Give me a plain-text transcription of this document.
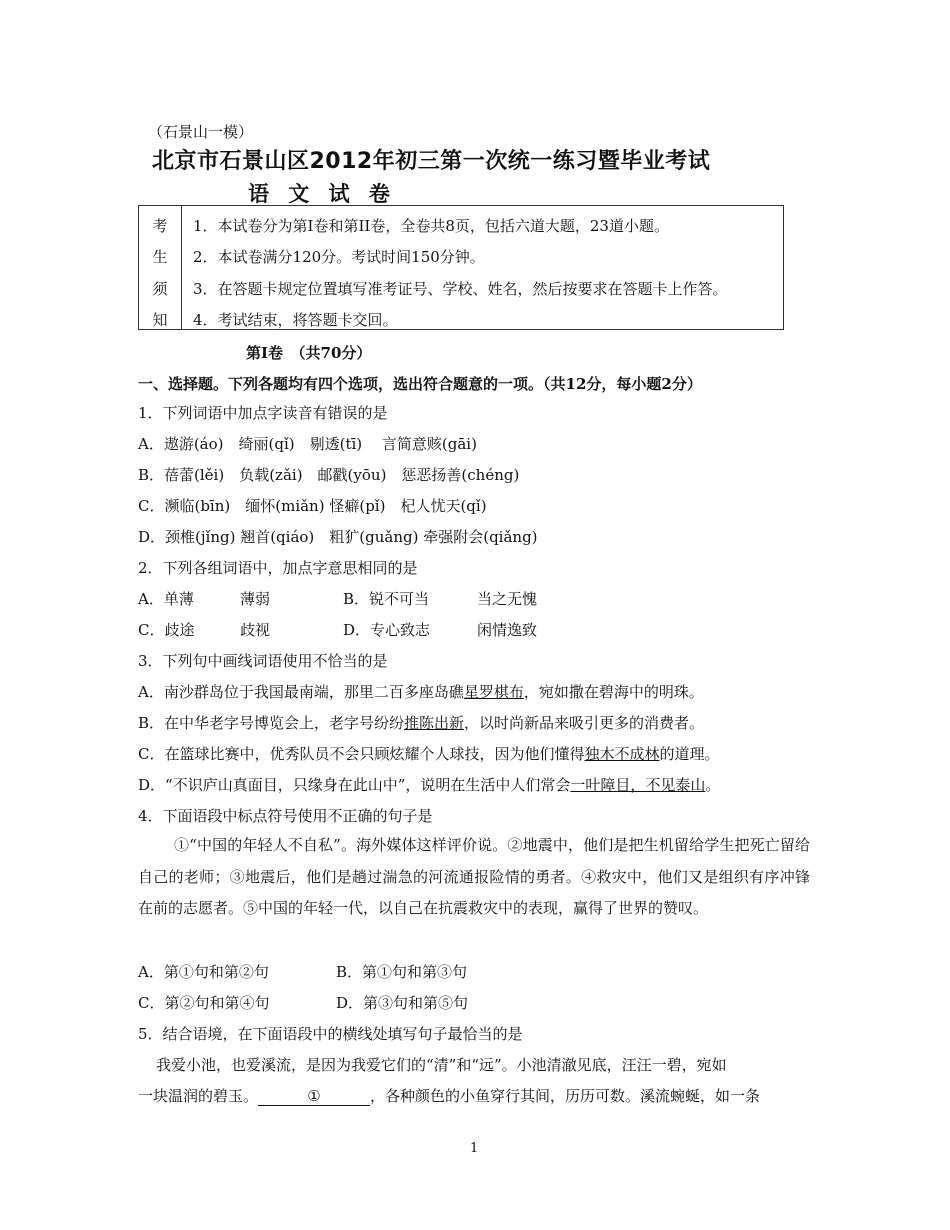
（石景山一模）
北京市石景山区2012年初三第一次统一练习暨毕业考试
语 文 试 卷
考
生
须
知
1．本试卷分为第I卷和第II卷，全卷共8页，包括六道大题，23道小题。
2．本试卷满分120分。考试时间150分钟。
3．在答题卡规定位置填写准考证号、学校、姓名，然后按要求在答题卡上作答。
4．考试结束，将答题卡交回。
第I卷　（共70分）
一、选择题。下列各题均有四个选项，选出符合题意的一项。（共12分，每小题2分）
1．下列词语中加点字读音有错误的是
A．遨游(áo)　绮丽(qǐ)　剔透(tī)　 言简意赅(gāi)
B．蓓蕾(lěi)　负载(zǎi)　邮戳(yōu)　惩恶扬善(chéng)
C．濒临(bīn)　缅怀(miǎn) 怪癖(pǐ)　杞人忧天(qǐ)
D．颈椎(jǐng) 翘首(qiáo)　粗犷(guǎng) 牵强附会(qiǎng)
2．下列各组词语中，加点字意思相同的是
A．单薄	薄弱	B．锐不可当	当之无愧
C．歧途	歧视	D．专心致志	闲情逸致
3．下列句中画线词语使用不恰当的是
A．南沙群岛位于我国最南端，那里二百多座岛礁星罗棋布，宛如撒在碧海中的明珠。
B．在中华老字号博览会上，老字号纷纷推陈出新，以时尚新品来吸引更多的消费者。
C．在篮球比赛中，优秀队员不会只顾炫耀个人球技，因为他们懂得独木不成林的道理。
D．“不识庐山真面目，只缘身在此山中”，说明在生活中人们常会一叶障目，不见泰山。
4．下面语段中标点符号使用不正确的句子是
①“中国的年轻人不自私”。海外媒体这样评价说。②地震中，他们是把生机留给学生把死亡留给自己的老师；③地震后，他们是趟过湍急的河流通报险情的勇者。④救灾中，他们又是组织有序冲锋在前的志愿者。⑤中国的年轻一代，以自己在抗震救灾中的表现，赢得了世界的赞叹。
A．第①句和第②句	B．第①句和第③句
C．第②句和第④句	D．第③句和第⑤句
5．结合语境，在下面语段中的横线处填写句子最恰当的是
我爱小池，也爱溪流，是因为我爱它们的“清”和“远”。小池清澈见底，汪汪一碧，宛如
一块温润的碧玉。	①	，各种颜色的小鱼穿行其间，历历可数。溪流蜿蜒，如一条
1
